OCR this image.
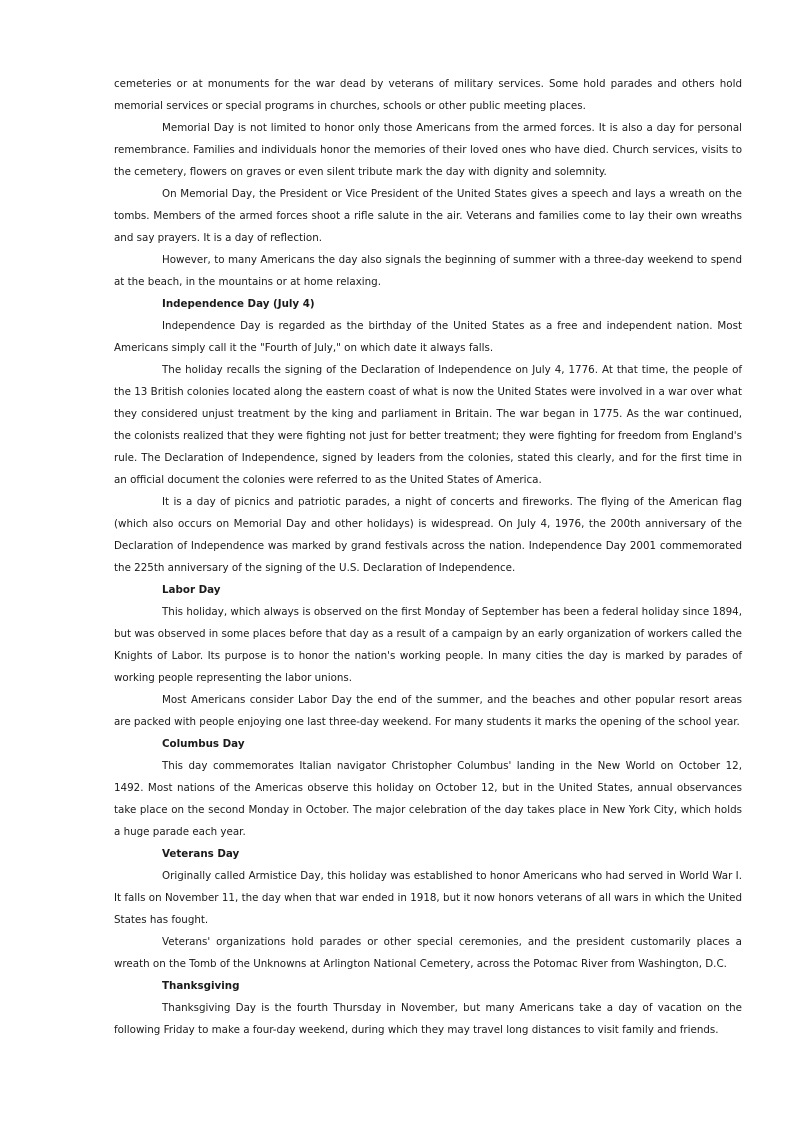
cemeteries or at monuments for the war dead by veterans of military services. Some hold parades and others hold memorial services or special programs in churches, schools or other public meeting places.

Memorial Day is not limited to honor only those Americans from the armed forces. It is also a day for personal remembrance. Families and individuals honor the memories of their loved ones who have died. Church services, visits to the cemetery, flowers on graves or even silent tribute mark the day with dignity and solemnity.

On Memorial Day, the President or Vice President of the United States gives a speech and lays a wreath on the tombs. Members of the armed forces shoot a rifle salute in the air. Veterans and families come to lay their own wreaths and say prayers. It is a day of reflection.

However, to many Americans the day also signals the beginning of summer with a three-day weekend to spend at the beach, in the mountains or at home relaxing.

Independence Day (July 4)

Independence Day is regarded as the birthday of the United States as a free and independent nation. Most Americans simply call it the "Fourth of July," on which date it always falls.

The holiday recalls the signing of the Declaration of Independence on July 4, 1776. At that time, the people of the 13 British colonies located along the eastern coast of what is now the United States were involved in a war over what they considered unjust treatment by the king and parliament in Britain. The war began in 1775. As the war continued, the colonists realized that they were fighting not just for better treatment; they were fighting for freedom from England's rule. The Declaration of Independence, signed by leaders from the colonies, stated this clearly, and for the first time in an official document the colonies were referred to as the United States of America.

It is a day of picnics and patriotic parades, a night of concerts and fireworks. The flying of the American flag (which also occurs on Memorial Day and other holidays) is widespread. On July 4, 1976, the 200th anniversary of the Declaration of Independence was marked by grand festivals across the nation. Independence Day 2001 commemorated the 225th anniversary of the signing of the U.S. Declaration of Independence.

Labor Day

This holiday, which always is observed on the first Monday of September has been a federal holiday since 1894, but was observed in some places before that day as a result of a campaign by an early organization of workers called the Knights of Labor. Its purpose is to honor the nation's working people. In many cities the day is marked by parades of working people representing the labor unions.

Most Americans consider Labor Day the end of the summer, and the beaches and other popular resort areas are packed with people enjoying one last three-day weekend. For many students it marks the opening of the school year.

Columbus Day

This day commemorates Italian navigator Christopher Columbus' landing in the New World on October 12, 1492. Most nations of the Americas observe this holiday on October 12, but in the United States, annual observances take place on the second Monday in October. The major celebration of the day takes place in New York City, which holds a huge parade each year.

Veterans Day

Originally called Armistice Day, this holiday was established to honor Americans who had served in World War I. It falls on November 11, the day when that war ended in 1918, but it now honors veterans of all wars in which the United States has fought.

Veterans' organizations hold parades or other special ceremonies, and the president customarily places a wreath on the Tomb of the Unknowns at Arlington National Cemetery, across the Potomac River from Washington, D.C.

Thanksgiving

Thanksgiving Day is the fourth Thursday in November, but many Americans take a day of vacation on the following Friday to make a four-day weekend, during which they may travel long distances to visit family and friends.
